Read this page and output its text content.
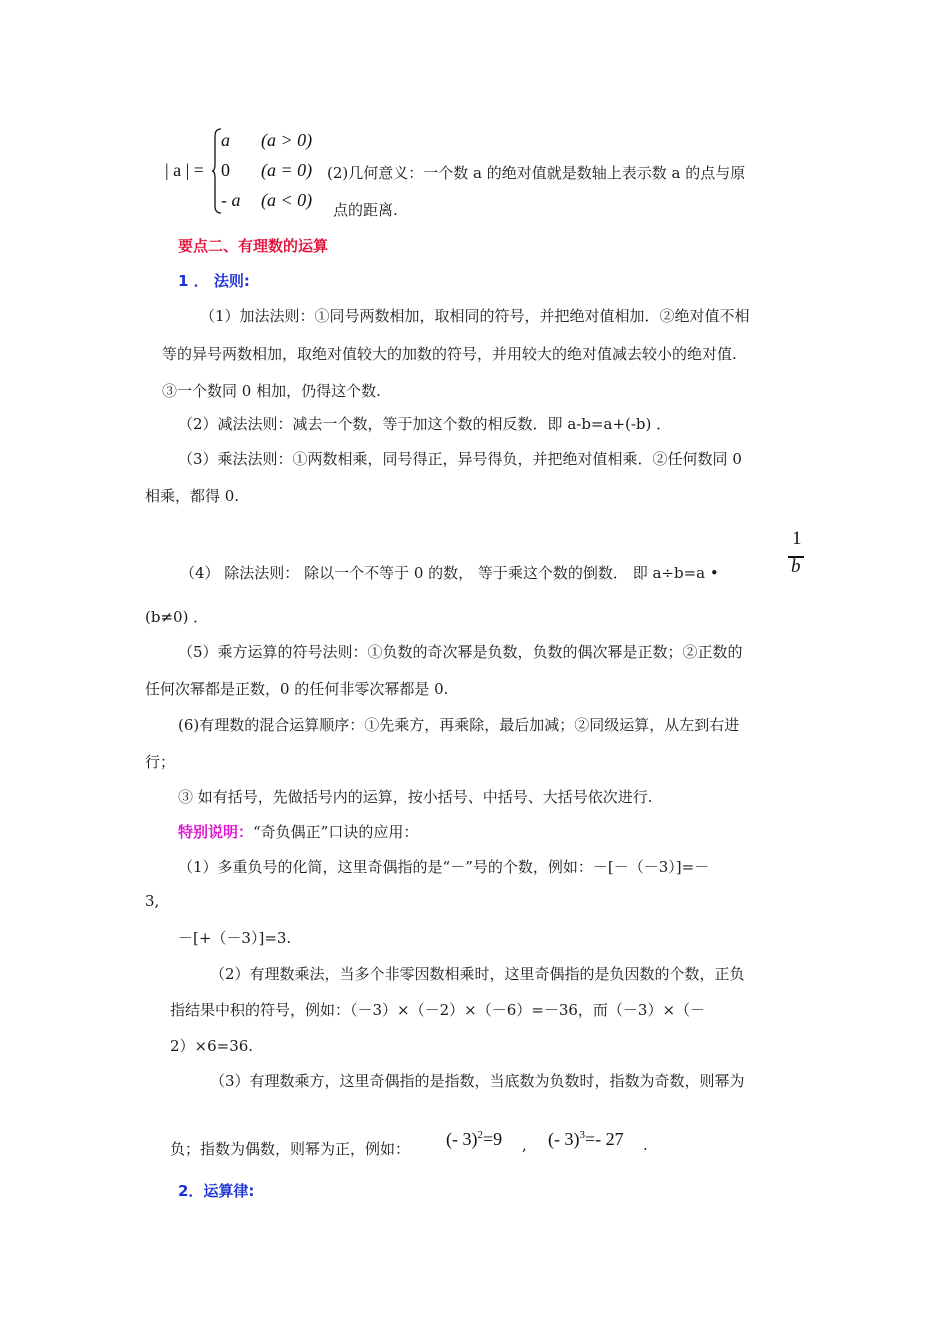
| a | =
a (a > 0)
0 (a = 0)
- a (a < 0)
(2)几何意义：一个数 a 的绝对值就是数轴上表示数 a 的点与原
点的距离.
要点二、有理数的运算
1 ． 法则:
（1）加法法则：①同号两数相加，取相同的符号，并把绝对值相加．②绝对值不相
等的异号两数相加，取绝对值较大的加数的符号，并用较大的绝对值减去较小的绝对值.
③一个数同 0 相加，仍得这个数.
（2）减法法则：减去一个数，等于加这个数的相反数．即 a-b=a+(-b) ．
（3）乘法法则：①两数相乘，同号得正，异号得负，并把绝对值相乘．②任何数同 0
相乘，都得 0.
（4） 除法法则： 除以一个不等于 0 的数， 等于乘这个数的倒数． 即 a÷b=a •
1
b
(b≠0) ．
（5）乘方运算的符号法则：①负数的奇次幂是负数，负数的偶次幂是正数；②正数的
任何次幂都是正数，0 的任何非零次幂都是 0.
(6)有理数的混合运算顺序：①先乘方，再乘除，最后加减；②同级运算，从左到右进
行；
③ 如有括号，先做括号内的运算，按小括号、中括号、大括号依次进行.
特别说明：“奇负偶正”口诀的应用：
（1）多重负号的化简，这里奇偶指的是“－”号的个数，例如：－[－（－3）]=－
3,
－[+（－3）]=3.
（2）有理数乘法，当多个非零因数相乘时，这里奇偶指的是负因数的个数，正负
指结果中积的符号，例如：（－3）×（－2）×（－6）=－36，而（－3）×（－
2）×6=36.
（3）有理数乘方，这里奇偶指的是指数，当底数为负数时，指数为奇数，则幂为
负；指数为偶数，则幂为正，例如： (- 3)$^2$=9 , (- 3)$^3$=- 27 .
2．运算律:
